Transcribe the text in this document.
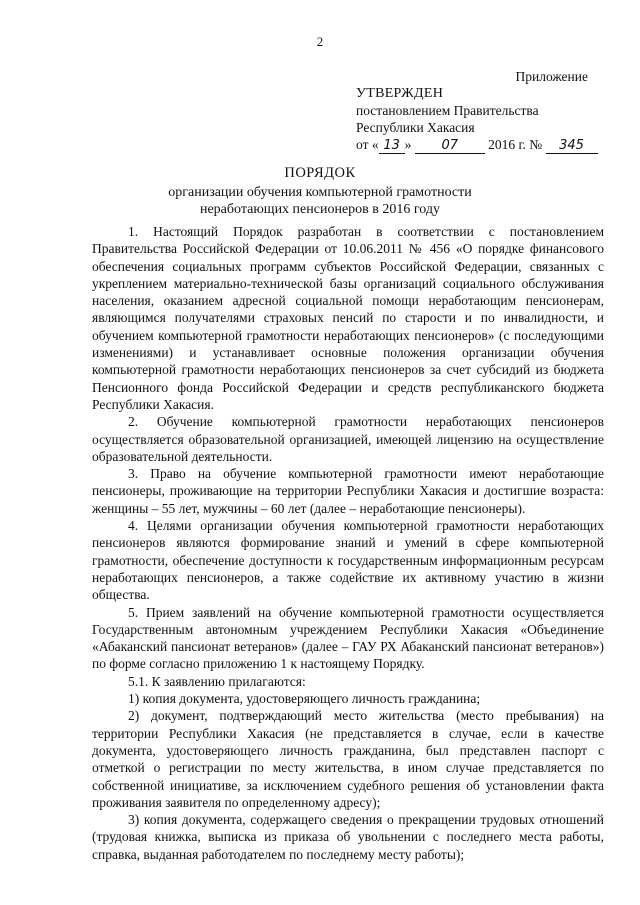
2
Приложение
УТВЕРЖДЕН
постановлением Правительства
Республики Хакасия
от « 13 » 07 2016 г. № 345
ПОРЯДОК
организации обучения компьютерной грамотности
неработающих пенсионеров в 2016 году

1. Настоящий Порядок разработан в соответствии с постановлением Правительства Российской Федерации от 10.06.2011 № 456 «О порядке финансового обеспечения социальных программ субъектов Российской Федерации, связанных с укреплением материально-технической базы организаций социального обслуживания населения, оказанием адресной социальной помощи неработающим пенсионерам, являющимся получателями страховых пенсий по старости и по инвалидности, и обучением компьютерной грамотности неработающих пенсионеров» (с последующими изменениями) и устанавливает основные положения организации обучения компьютерной грамотности неработающих пенсионеров за счет субсидий из бюджета Пенсионного фонда Российской Федерации и средств республиканского бюджета Республики Хакасия.

2. Обучение компьютерной грамотности неработающих пенсионеров осуществляется образовательной организацией, имеющей лицензию на осуществление образовательной деятельности.

3. Право на обучение компьютерной грамотности имеют неработающие пенсионеры, проживающие на территории Республики Хакасия и достигшие возраста: женщины – 55 лет, мужчины – 60 лет (далее – неработающие пенсионеры).

4. Целями организации обучения компьютерной грамотности неработающих пенсионеров являются формирование знаний и умений в сфере компьютерной грамотности, обеспечение доступности к государственным информационным ресурсам неработающих пенсионеров, а также содействие их активному участию в жизни общества.

5. Прием заявлений на обучение компьютерной грамотности осуществляется Государственным автономным учреждением Республики Хакасия «Объединение «Абаканский пансионат ветеранов» (далее – ГАУ РХ Абаканский пансионат ветеранов») по форме согласно приложению 1 к настоящему Порядку.

5.1. К заявлению прилагаются:

1) копия документа, удостоверяющего личность гражданина;

2) документ, подтверждающий место жительства (место пребывания) на территории Республики Хакасия (не представляется в случае, если в качестве документа, удостоверяющего личность гражданина, был представлен паспорт с отметкой о регистрации по месту жительства, в ином случае представляется по собственной инициативе, за исключением судебного решения об установлении факта проживания заявителя по определенному адресу);

3) копия документа, содержащего сведения о прекращении трудовых отношений (трудовая книжка, выписка из приказа об увольнении с последнего места работы, справка, выданная работодателем по последнему месту работы);
